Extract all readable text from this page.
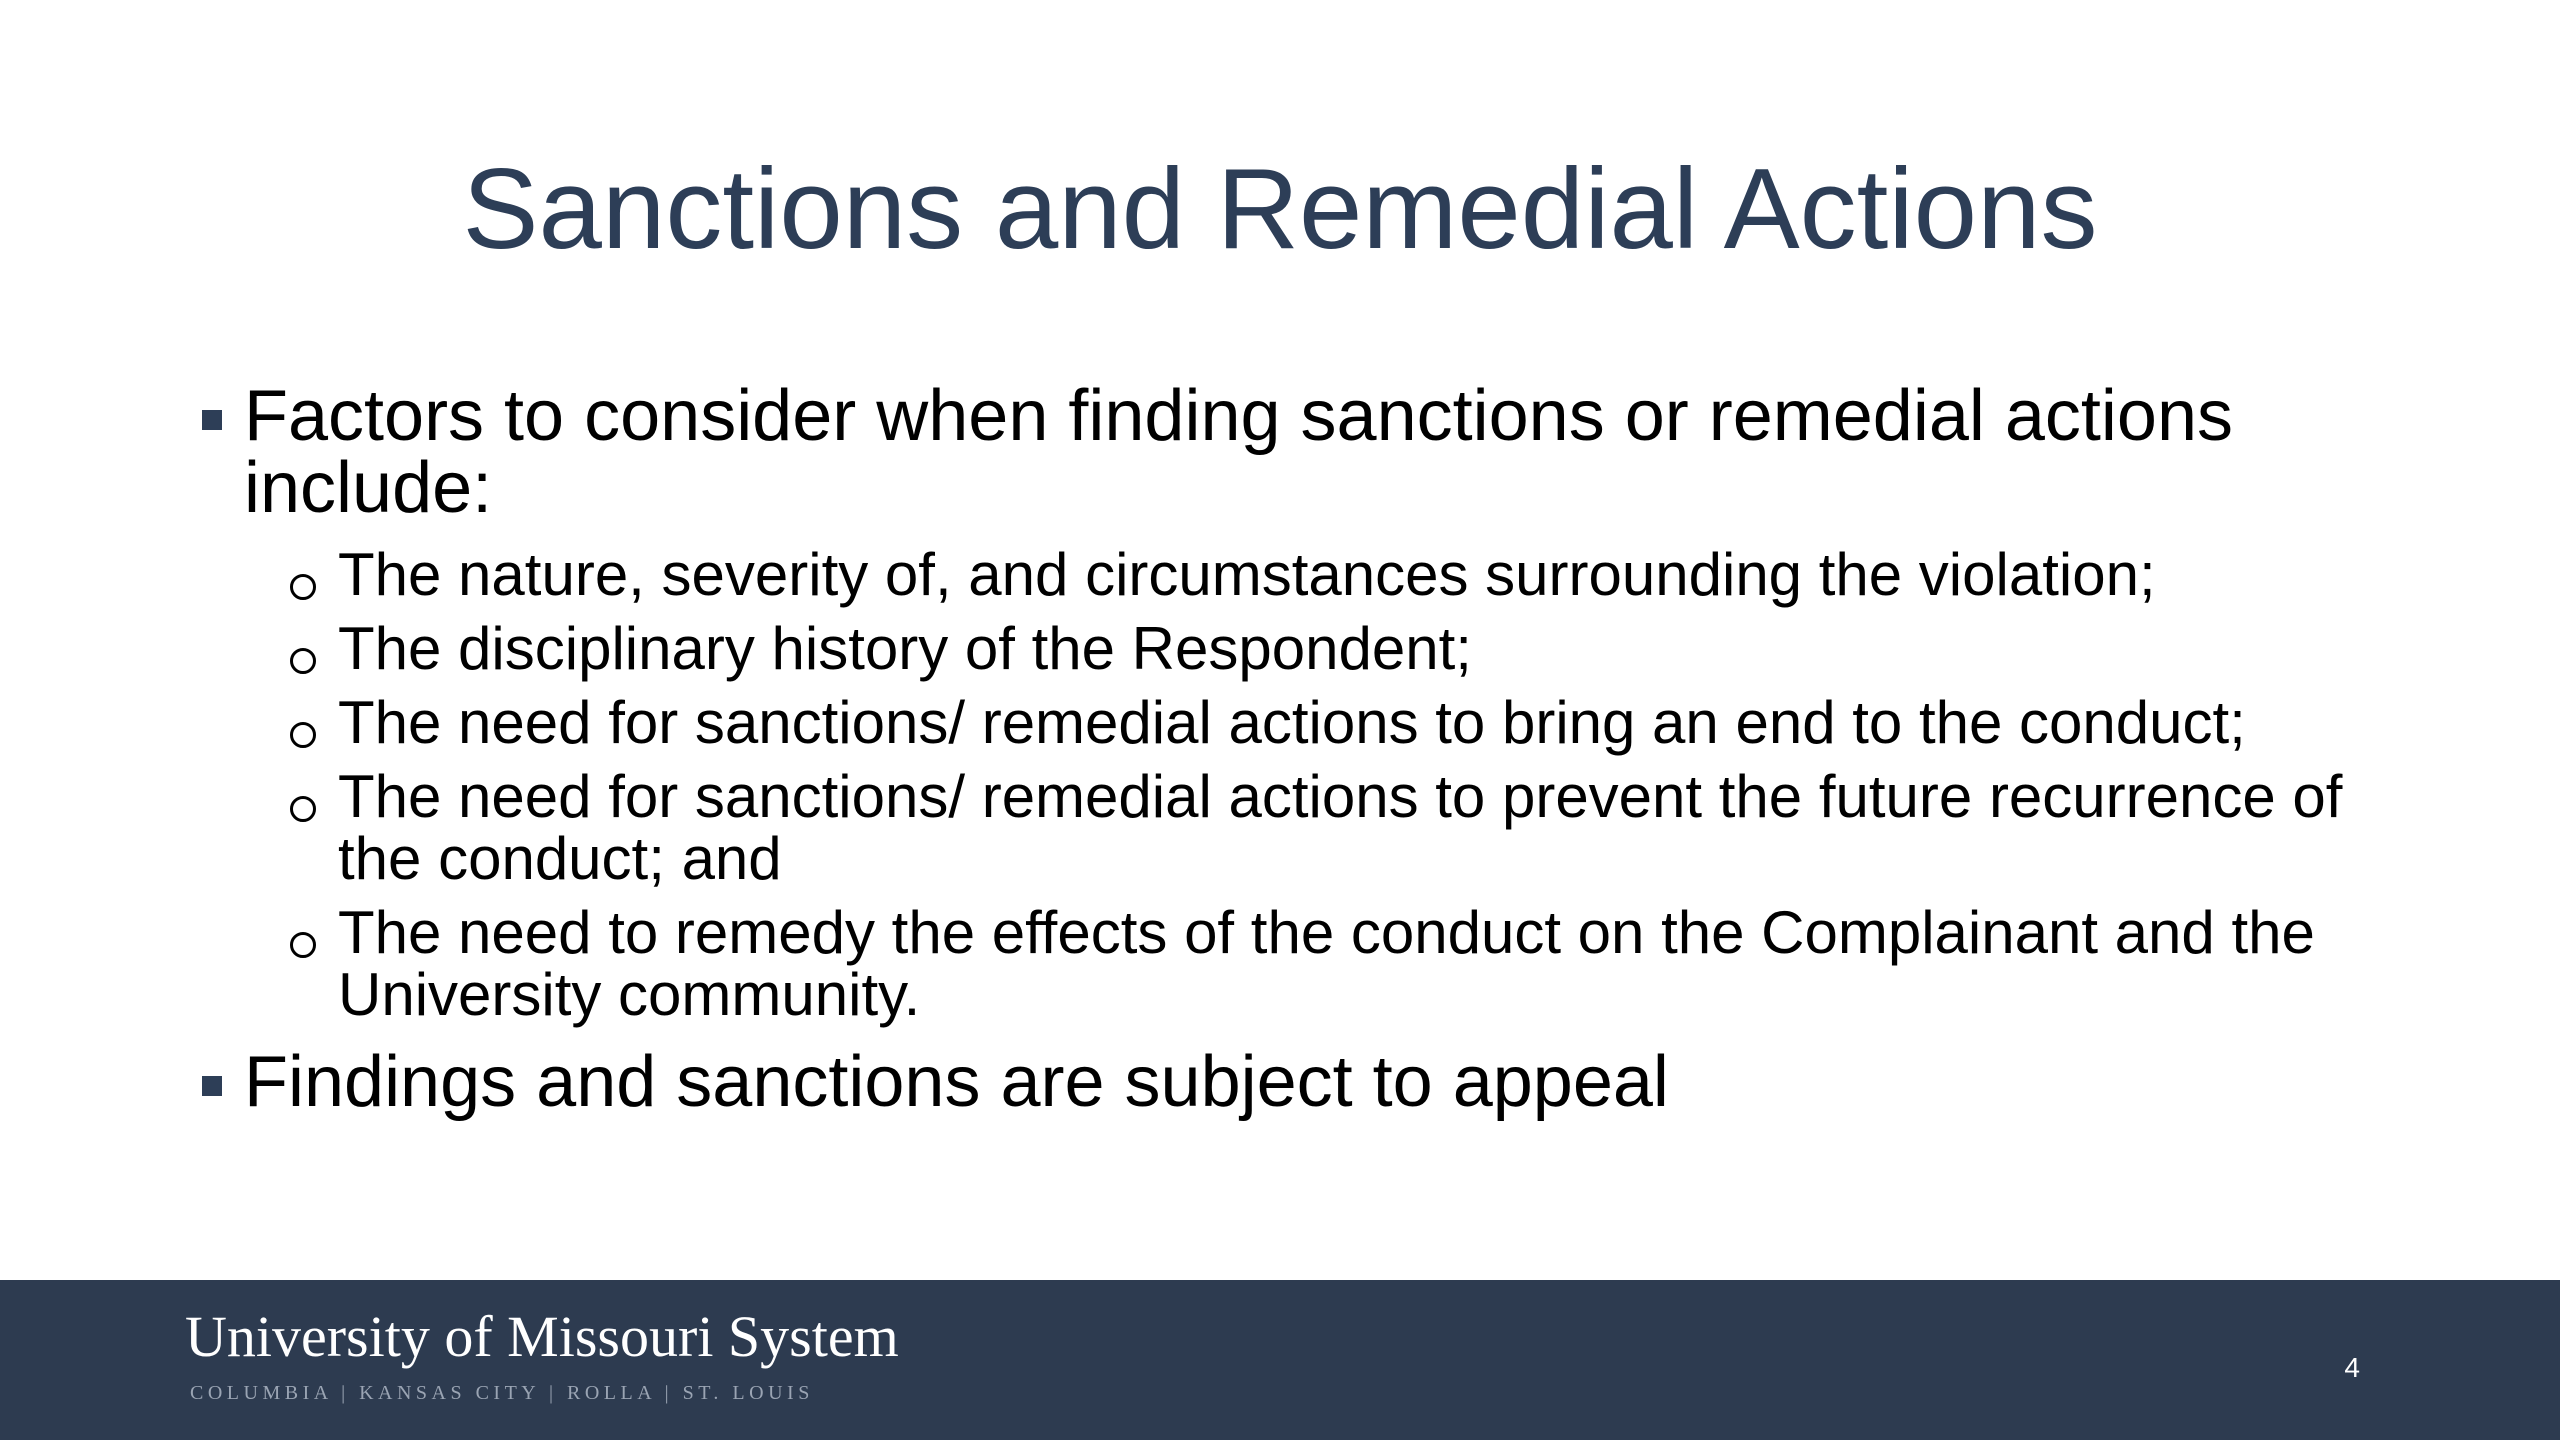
Sanctions and Remedial Actions
Factors to consider when finding sanctions or remedial actions include:
The nature, severity of, and circumstances surrounding the violation;
The disciplinary history of the Respondent;
The need for sanctions/ remedial actions to bring an end to the conduct;
The need for sanctions/ remedial actions to prevent the future recurrence of the conduct; and
The need to remedy the effects of the conduct on the Complainant and the University community.
Findings and sanctions are subject to appeal
University of Missouri System
COLUMBIA | KANSAS CITY | ROLLA | ST. LOUIS
4
